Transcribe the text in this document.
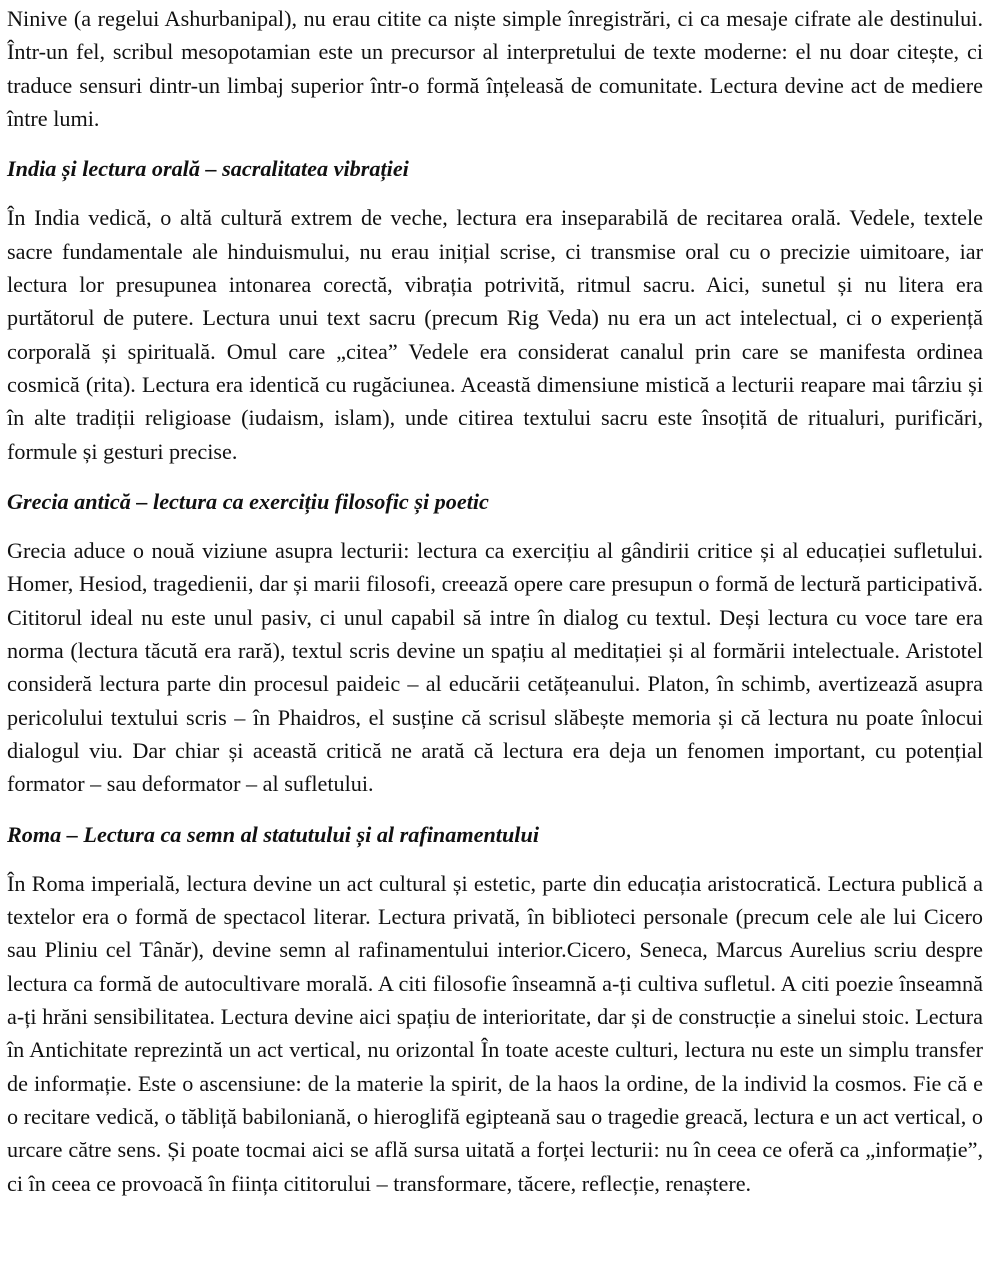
Ninive (a regelui Ashurbanipal), nu erau citite ca niște simple înregistrări, ci ca mesaje cifrate ale destinului. Într-un fel, scribul mesopotamian este un precursor al interpretului de texte moderne: el nu doar citește, ci traduce sensuri dintr-un limbaj superior într-o formă înțeleasă de comunitate. Lectura devine act de mediere între lumi.

India și lectura orală – sacralitatea vibrației

În India vedică, o altă cultură extrem de veche, lectura era inseparabilă de recitarea orală. Vedele, textele sacre fundamentale ale hinduismului, nu erau inițial scrise, ci transmise oral cu o precizie uimitoare, iar lectura lor presupunea intonarea corectă, vibrația potrivită, ritmul sacru. Aici, sunetul și nu litera era purtătorul de putere. Lectura unui text sacru (precum Rig Veda) nu era un act intelectual, ci o experiență corporală și spirituală. Omul care „citea” Vedele era considerat canalul prin care se manifesta ordinea cosmică (rita). Lectura era identică cu rugăciunea. Această dimensiune mistică a lecturii reapare mai târziu și în alte tradiții religioase (iudaism, islam), unde citirea textului sacru este însoțită de ritualuri, purificări, formule și gesturi precise.

Grecia antică – lectura ca exercițiu filosofic și poetic

Grecia aduce o nouă viziune asupra lecturii: lectura ca exercițiu al gândirii critice și al educației sufletului. Homer, Hesiod, tragedienii, dar și marii filosofi, creează opere care presupun o formă de lectură participativă. Cititorul ideal nu este unul pasiv, ci unul capabil să intre în dialog cu textul. Deși lectura cu voce tare era norma (lectura tăcută era rară), textul scris devine un spațiu al meditației și al formării intelectuale. Aristotel consideră lectura parte din procesul paideic – al educării cetățeanului. Platon, în schimb, avertizează asupra pericolului textului scris – în Phaidros, el susține că scrisul slăbește memoria și că lectura nu poate înlocui dialogul viu. Dar chiar și această critică ne arată că lectura era deja un fenomen important, cu potențial formator – sau deformator – al sufletului.

Roma – Lectura ca semn al statutului și al rafinamentului

În Roma imperială, lectura devine un act cultural și estetic, parte din educația aristocratică. Lectura publică a textelor era o formă de spectacol literar. Lectura privată, în biblioteci personale (precum cele ale lui Cicero sau Pliniu cel Tânăr), devine semn al rafinamentului interior.Cicero, Seneca, Marcus Aurelius scriu despre lectura ca formă de autocultivare morală. A citi filosofie înseamnă a-ți cultiva sufletul. A citi poezie înseamnă a-ți hrăni sensibilitatea. Lectura devine aici spațiu de interioritate, dar și de construcție a sinelui stoic. Lectura în Antichitate reprezintă un act vertical, nu orizontal În toate aceste culturi, lectura nu este un simplu transfer de informație. Este o ascensiune: de la materie la spirit, de la haos la ordine, de la individ la cosmos. Fie că e o recitare vedică, o tăbliță babiloniană, o hieroglifă egipteană sau o tragedie greacă, lectura e un act vertical, o urcare către sens. Și poate tocmai aici se află sursa uitată a forței lecturii: nu în ceea ce oferă ca „informație”, ci în ceea ce provoacă în ființa cititorului – transformare, tăcere, reflecție, renaștere.
